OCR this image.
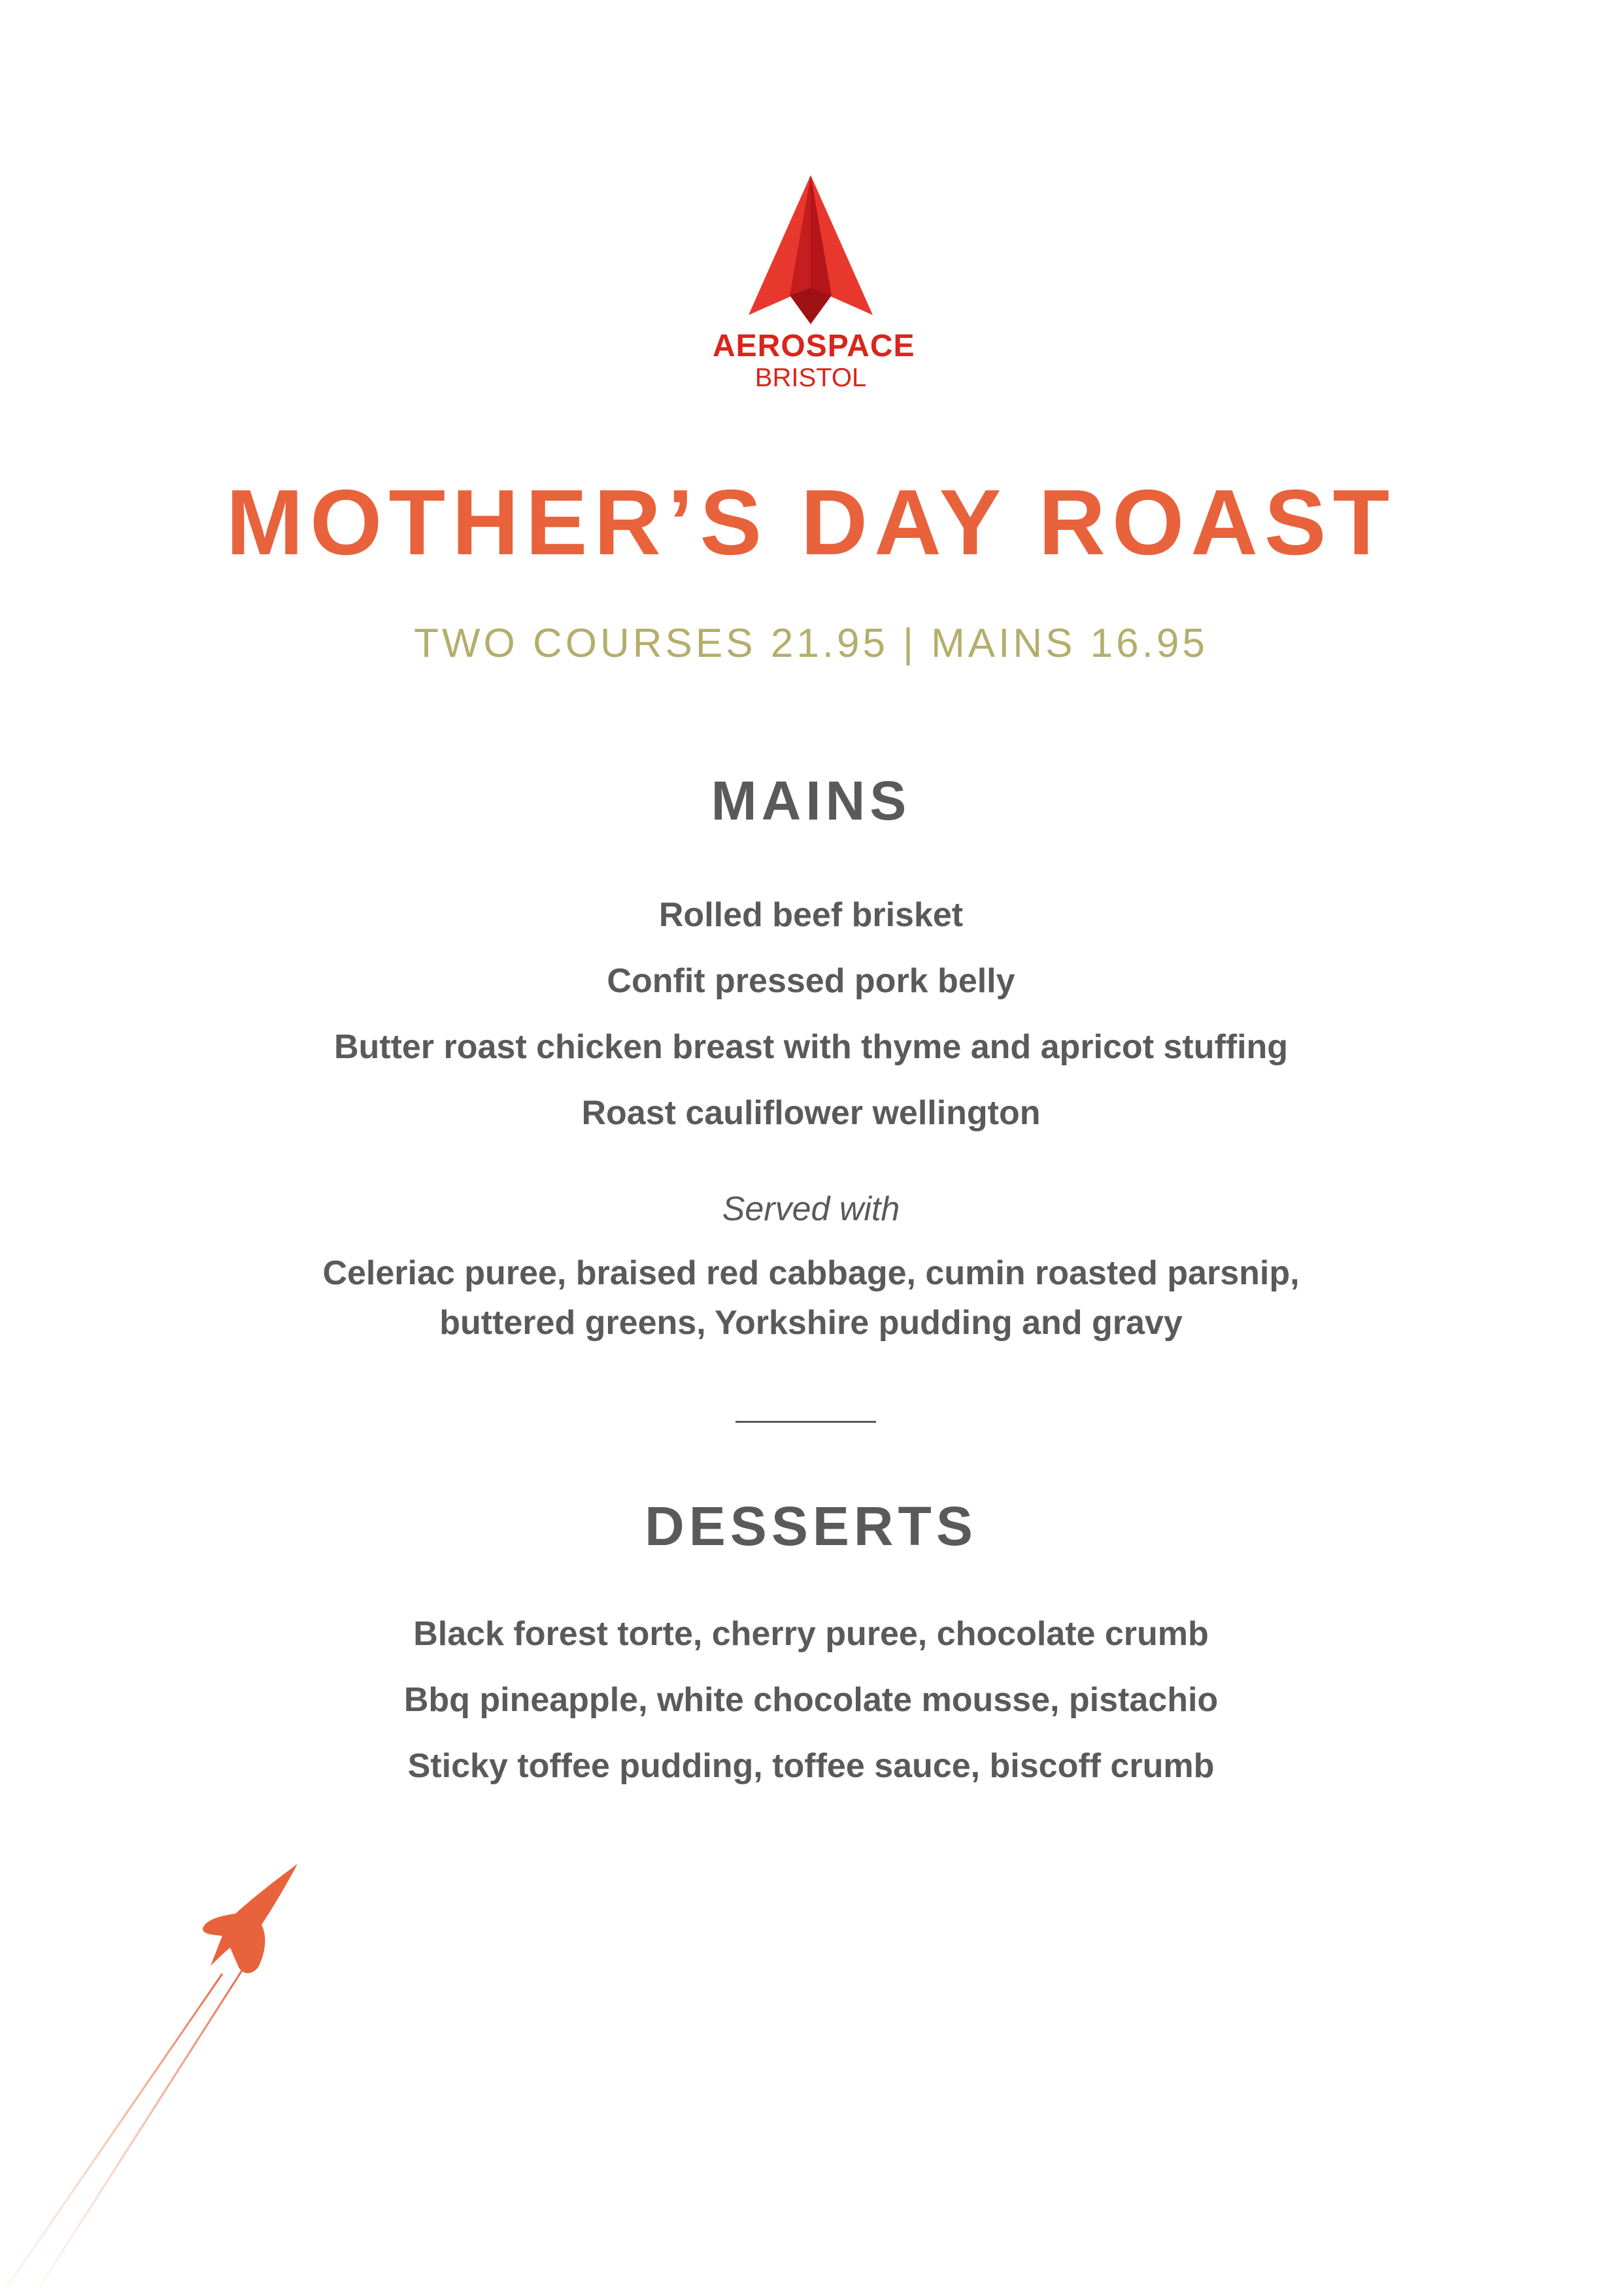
AEROSPACE
BRISTOL
MOTHER’S DAY ROAST
TWO COURSES 21.95 | MAINS 16.95
MAINS
Rolled beef brisket
Confit pressed pork belly
Butter roast chicken breast with thyme and apricot stuffing
Roast cauliflower wellington
Served with
Celeriac puree, braised red cabbage, cumin roasted parsnip,
buttered greens, Yorkshire pudding and gravy
DESSERTS
Black forest torte, cherry puree, chocolate crumb
Bbq pineapple, white chocolate mousse, pistachio
Sticky toffee pudding, toffee sauce, biscoff crumb
